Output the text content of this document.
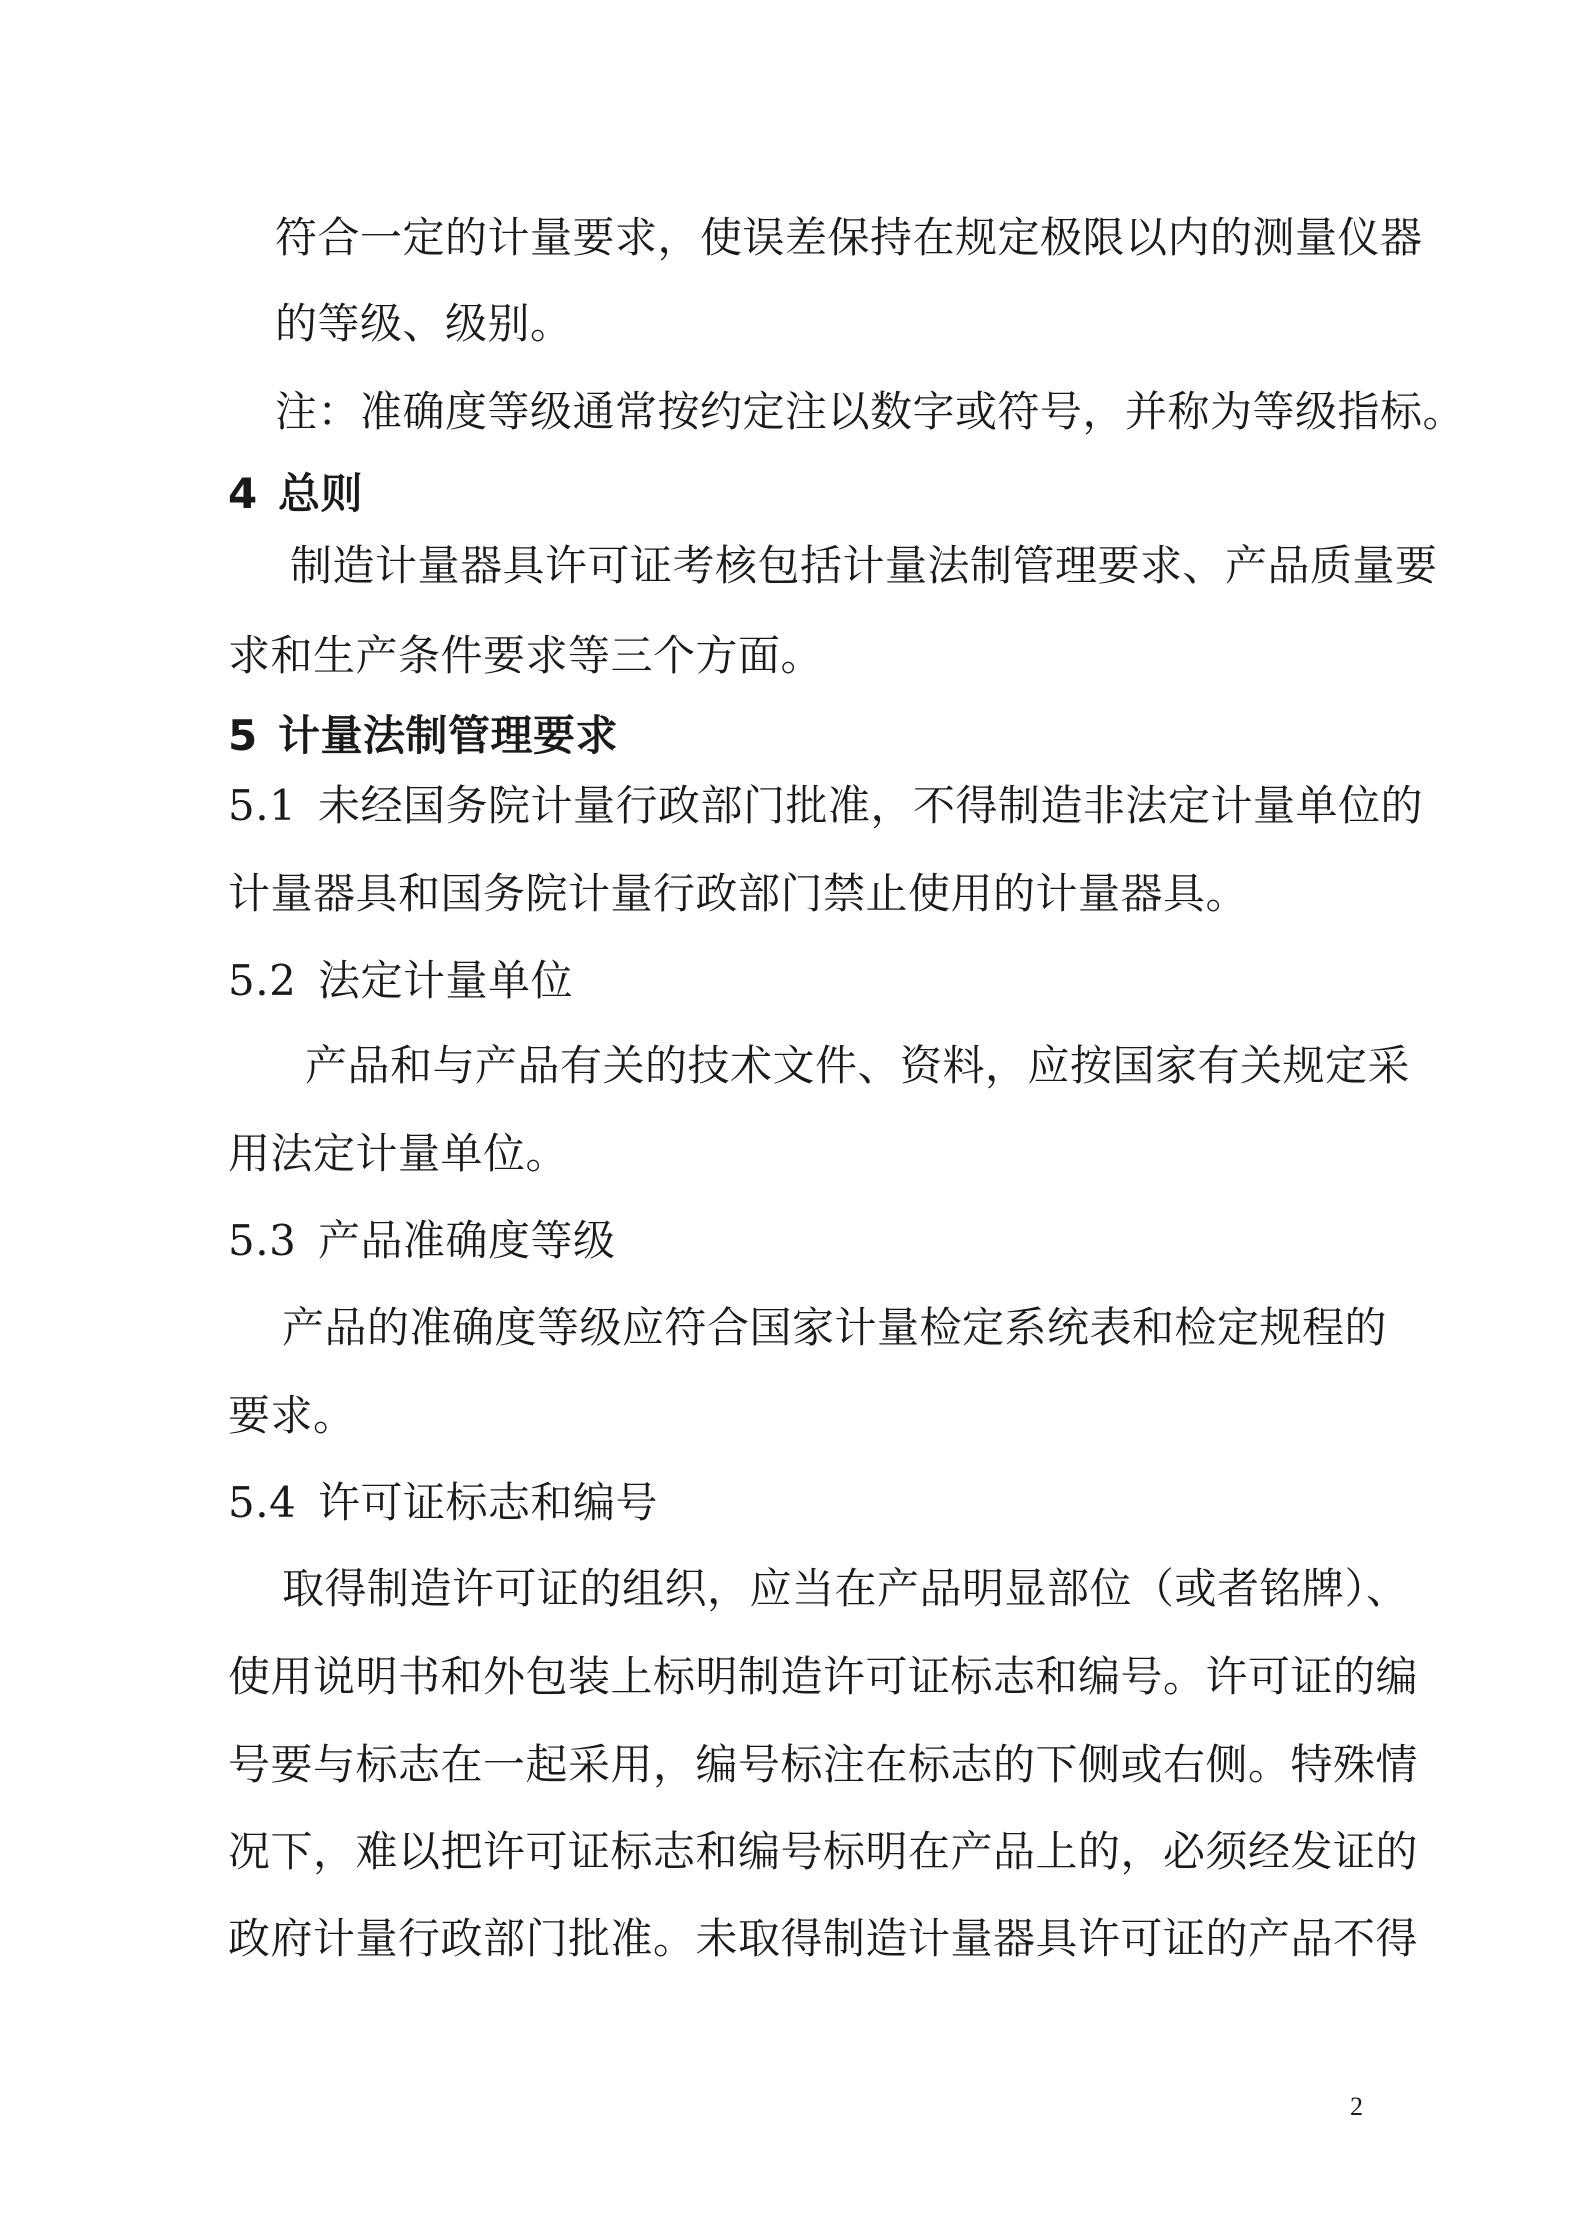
符合一定的计量要求，使误差保持在规定极限以内的测量仪器
的等级、级别。
注：准确度等级通常按约定注以数字或符号，并称为等级指标。
4 总则
制造计量器具许可证考核包括计量法制管理要求、产品质量要
求和生产条件要求等三个方面。
5 计量法制管理要求
5.1 未经国务院计量行政部门批准，不得制造非法定计量单位的
计量器具和国务院计量行政部门禁止使用的计量器具。
5.2 法定计量单位
产品和与产品有关的技术文件、资料，应按国家有关规定采
用法定计量单位。
5.3 产品准确度等级
产品的准确度等级应符合国家计量检定系统表和检定规程的
要求。
5.4 许可证标志和编号
取得制造许可证的组织，应当在产品明显部位（或者铭牌）、
使用说明书和外包装上标明制造许可证标志和编号。许可证的编
号要与标志在一起采用，编号标注在标志的下侧或右侧。特殊情
况下，难以把许可证标志和编号标明在产品上的，必须经发证的
政府计量行政部门批准。未取得制造计量器具许可证的产品不得
2
